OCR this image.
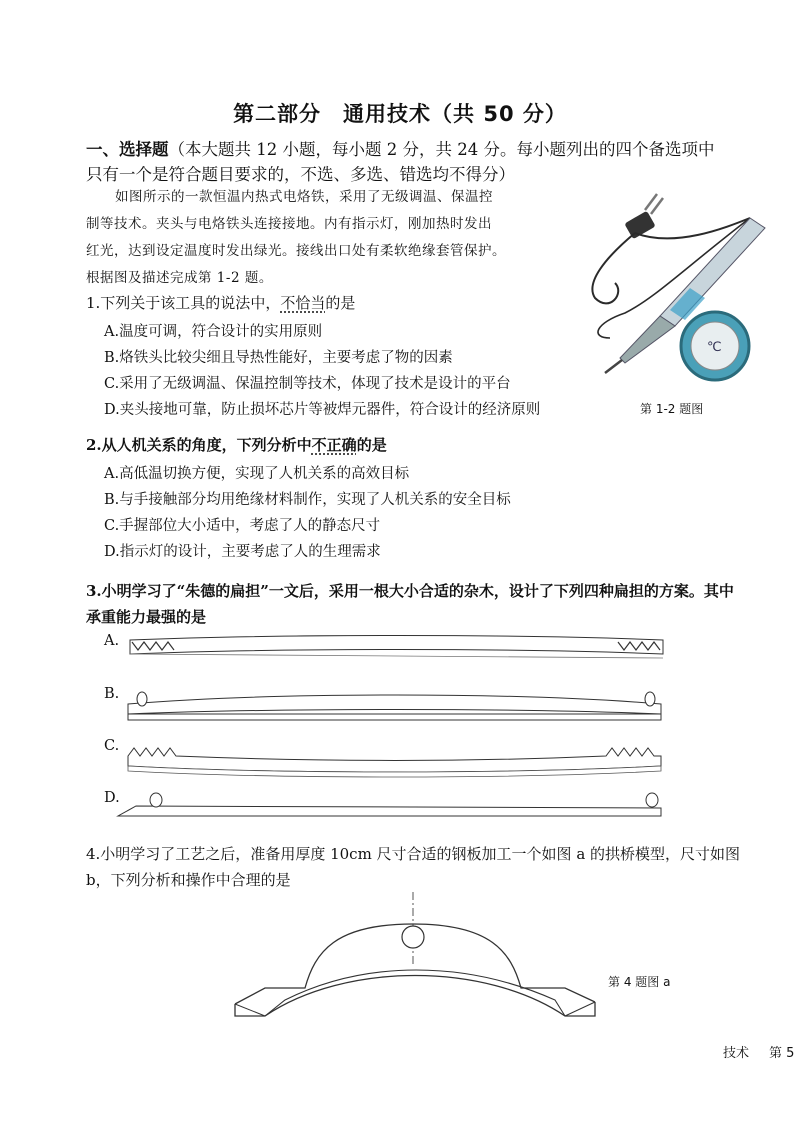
第二部分　通用技术（共 50 分）
一、选择题（本大题共 12 小题，每小题 2 分，共 24 分。每小题列出的四个备选项中
只有一个是符合题目要求的，不选、多选、错选均不得分）
如图所示的一款恒温内热式电烙铁，采用了无级调温、保温控
制等技术。夹头与电烙铁头连接接地。内有指示灯，刚加热时发出
红光，达到设定温度时发出绿光。接线出口处有柔软绝缘套管保护。
根据图及描述完成第 1-2 题。
℃
第 1-2 题图
1.下列关于该工具的说法中，不恰当的是
A.温度可调，符合设计的实用原则
B.烙铁头比较尖细且导热性能好，主要考虑了物的因素
C.采用了无级调温、保温控制等技术，体现了技术是设计的平台
D.夹头接地可靠，防止损坏芯片等被焊元器件，符合设计的经济原则
2.从人机关系的角度，下列分析中不正确的是
A.高低温切换方便，实现了人机关系的高效目标
B.与手接触部分均用绝缘材料制作，实现了人机关系的安全目标
C.手握部位大小适中，考虑了人的静态尺寸
D.指示灯的设计，主要考虑了人的生理需求
3.小明学习了“朱德的扁担”一文后，采用一根大小合适的杂木，设计了下列四种扁担的方案。其中
承重能力最强的是
A.
B.
C.
D.
4.小明学习了工艺之后，准备用厚度 10cm 尺寸合适的钢板加工一个如图 a 的拱桥模型，尺寸如图
b，下列分析和操作中合理的是
第 4 题图 a
技术 第 5
